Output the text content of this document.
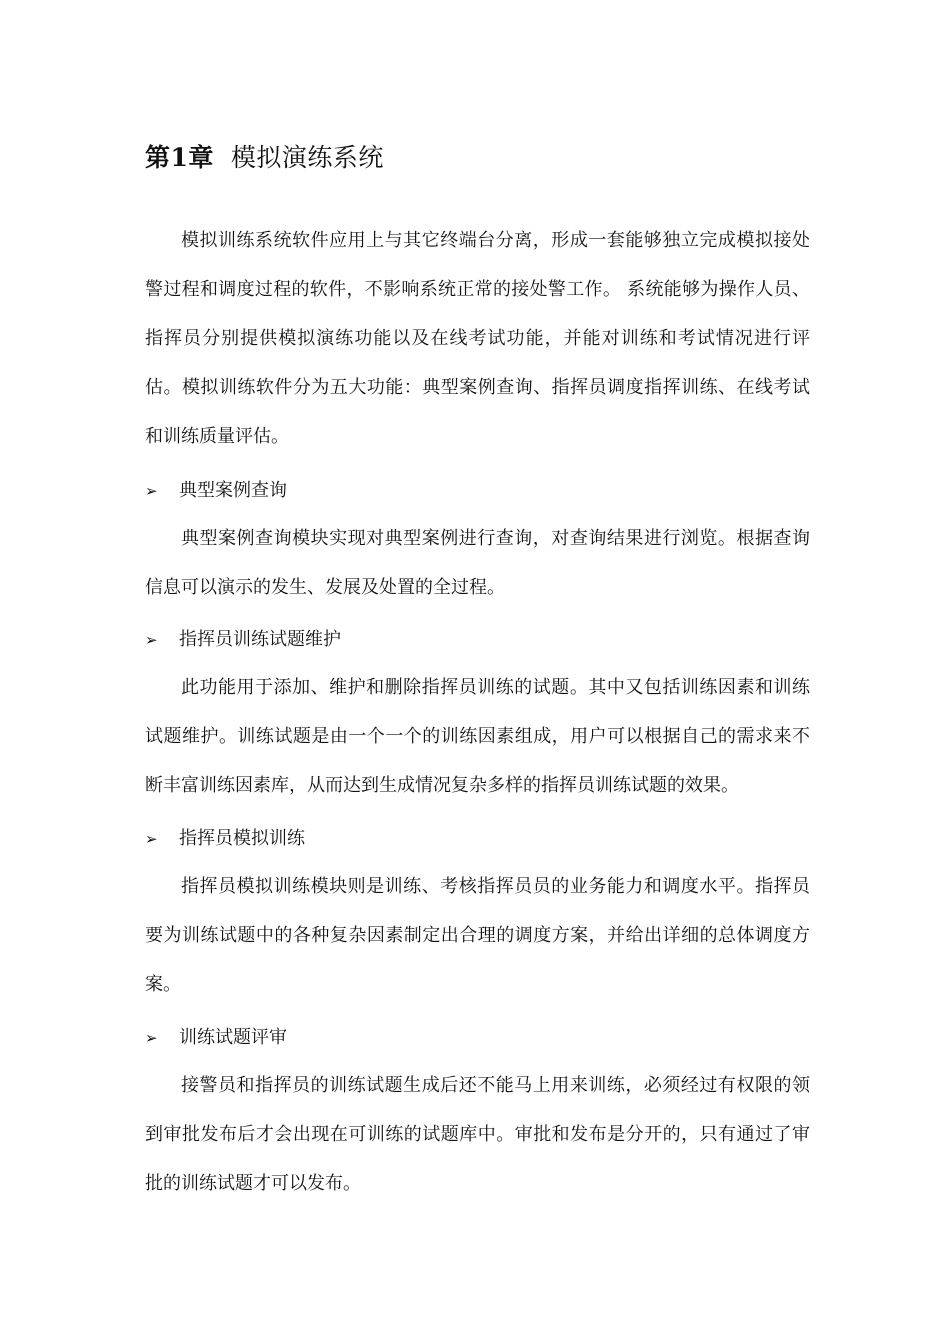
第1章 模拟演练系统

模拟训练系统软件应用上与其它终端台分离，形成一套能够独立完成模拟接处警过程和调度过程的软件，不影响系统正常的接处警工作。 系统能够为操作人员、指挥员分别提供模拟演练功能以及在线考试功能，并能对训练和考试情况进行评估。模拟训练软件分为五大功能：典型案例查询、指挥员调度指挥训练、在线考试和训练质量评估。

➢ 典型案例查询

典型案例查询模块实现对典型案例进行查询，对查询结果进行浏览。根据查询信息可以演示的发生、发展及处置的全过程。

➢ 指挥员训练试题维护

此功能用于添加、维护和删除指挥员训练的试题。其中又包括训练因素和训练试题维护。训练试题是由一个一个的训练因素组成，用户可以根据自己的需求来不断丰富训练因素库，从而达到生成情况复杂多样的指挥员训练试题的效果。

➢ 指挥员模拟训练

指挥员模拟训练模块则是训练、考核指挥员员的业务能力和调度水平。指挥员要为训练试题中的各种复杂因素制定出合理的调度方案，并给出详细的总体调度方案。

➢ 训练试题评审

接警员和指挥员的训练试题生成后还不能马上用来训练，必须经过有权限的领到审批发布后才会出现在可训练的试题库中。审批和发布是分开的，只有通过了审批的训练试题才可以发布。
